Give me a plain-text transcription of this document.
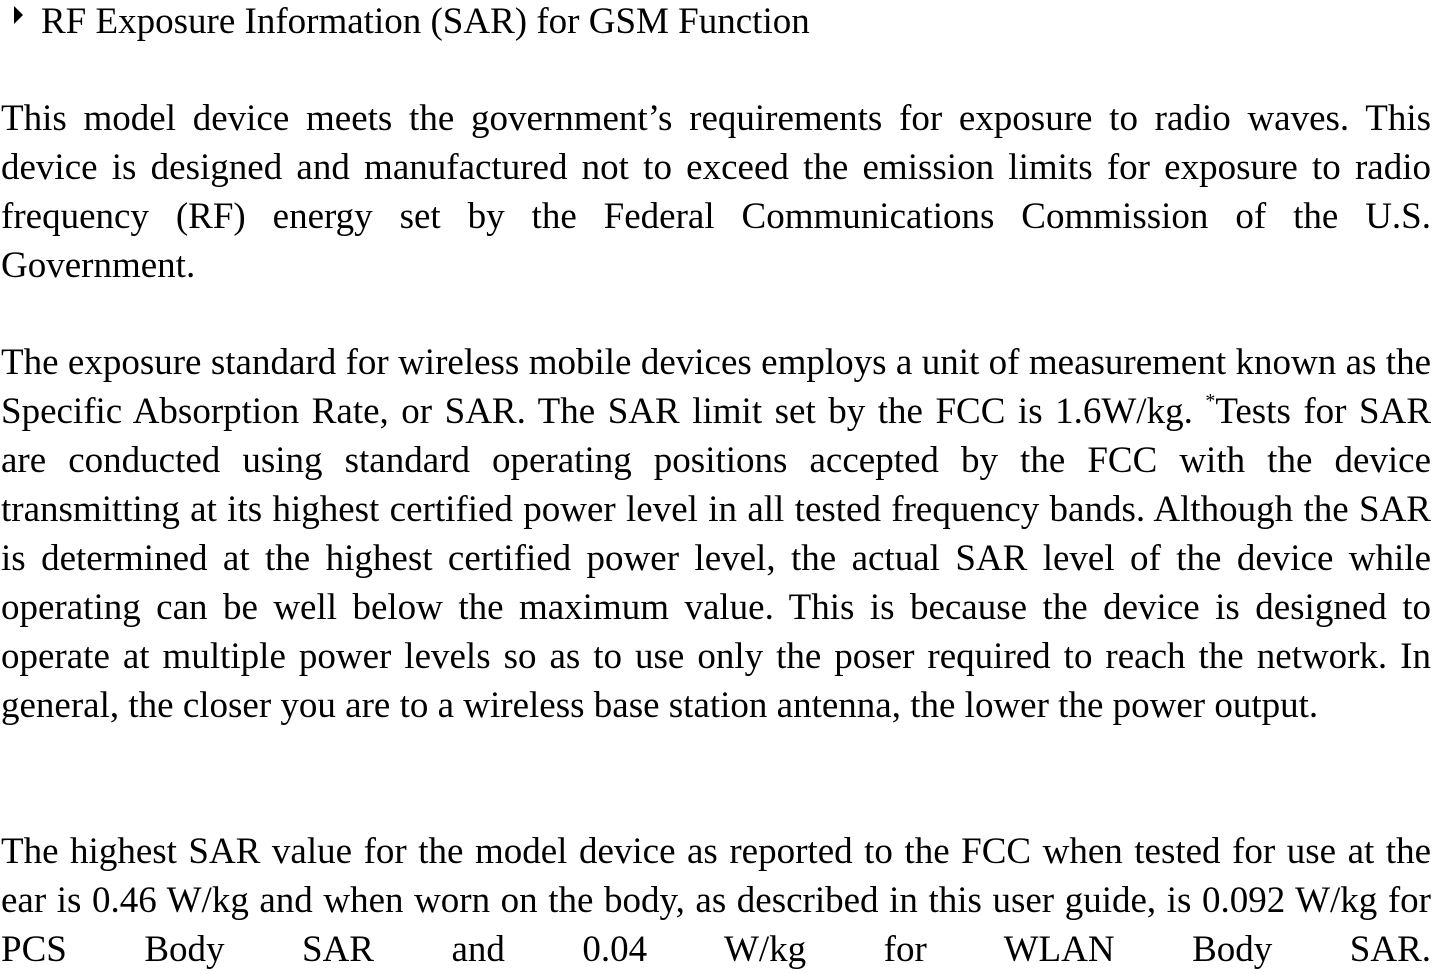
RF Exposure Information (SAR) for GSM Function

This model device meets the government’s requirements for exposure to radio waves. This device is designed and manufactured not to exceed the emission limits for exposure to radio frequency (RF) energy set by the Federal Communications Commission of the U.S. Government.

The exposure standard for wireless mobile devices employs a unit of measurement known as the Specific Absorption Rate, or SAR. The SAR limit set by the FCC is 1.6W/kg. *Tests for SAR are conducted using standard operating positions accepted by the FCC with the device transmitting at its highest certified power level in all tested frequency bands. Although the SAR is determined at the highest certified power level, the actual SAR level of the device while operating can be well below the maximum value. This is because the device is designed to operate at multiple power levels so as to use only the poser required to reach the network. In general, the closer you are to a wireless base station antenna, the lower the power output.

The highest SAR value for the model device as reported to the FCC when tested for use at the ear is 0.46 W/kg and when worn on the body, as described in this user guide, is 0.092 W/kg for PCS Body SAR and 0.04 W/kg for WLAN Body SAR.
